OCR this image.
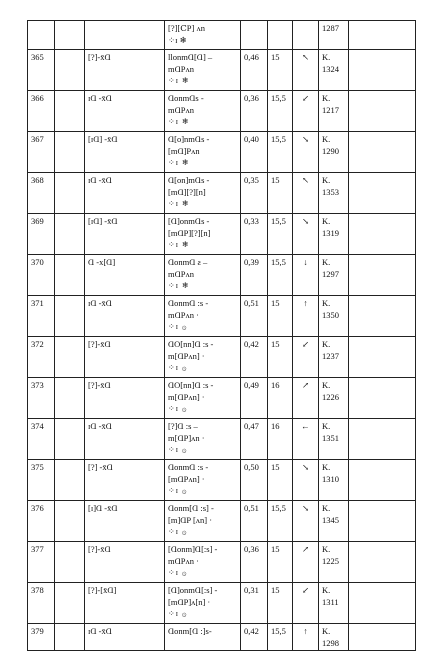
			[?][ⅭP] ʌn
⁘ɪ ❄				1287	

365		[?]-x̄Ɑ	llonmⱭ[Ɑ] –
mⱭPʌn
⁘ɪ ❄	0,46	15	↖	K.
1324	

366		ɪⱭ -x̄Ɑ	ⱭonmⱭs -
mⱭPʌn
⁘ɪ ❄	0,36	15,5	↙	K.
1217	

367		[ɪⱭ] -x̄Ɑ	Ɑ[o]nmⱭs -
[mⱭ]Pʌn
⁘ɪ ❄	0,40	15,5	↘	K.
1290	

368		ɪⱭ -x̄Ɑ	Ɑ[on]mⱭs -
[mⱭ][?][n]
⁘ɪ ❄	0,35	15	↖	K.
1353	

369		[ɪⱭ] -x̄Ɑ	[Ɑ]onmⱭs -
[mⱭP][?][n]
⁘ɪ ❄	0,33	15,5	↘	K.
1319	

370		Ɑ -x[Ɑ]	ⱭonmⱭ ƨ –
mⱭPʌn
⁘ɪ ❄	0,39	15,5	↓	K.
1297	

371		ɪⱭ -x̄Ɑ	ⱭonmⱭ :s -
mⱭPʌn ·
⁘ɪ ۞	0,51	15	↑	K.
1350	

372		[?]-x̄Ɑ	ⱭO[nn]Ɑ :s -
m[ⱭPʌn] ·
⁘ɪ ۞	0,42	15	↙	K.
1237	

373		[?]-x̄Ɑ	ⱭO[nn]Ɑ :s -
m[ⱭPʌn] ·
⁘ɪ ۞	0,49	16	↗	K.
1226	

374		ɪⱭ -x̄Ɑ	[?]Ɑ :s –
m[ⱭP]ʌn ·
⁘ɪ ۞	0,47	16	←	K.
1351	

375		[?] -x̄Ɑ	ⱭonmⱭ :s -
[mⱭPʌn] ·
⁘ɪ ۞	0,50	15	↘	K.
1310	

376		[ɪ]Ɑ -x̄Ɑ	Ɑonm[Ɑ :s] -
[m]ⱭP [ʌn] ·
⁘ɪ ۞	0,51	15,5	↘	K.
1345	

377		[?]-x̄Ɑ	[Ɑonm]Ɑ[:s] -
mⱭPʌn ·
⁘ɪ ۞	0,36	15	↗	K.
1225	

378		[?]-[x̄Ɑ]	[Ɑ]onmⱭ[:s] -
[mⱭP]ʌ[n] ·
⁘ɪ ۞	0,31	15	↙	K.
1311	

379		ɪⱭ -x̄Ɑ	Ɑonm[Ɑ :]s-	0,42	15,5	↑	K.
1298	
